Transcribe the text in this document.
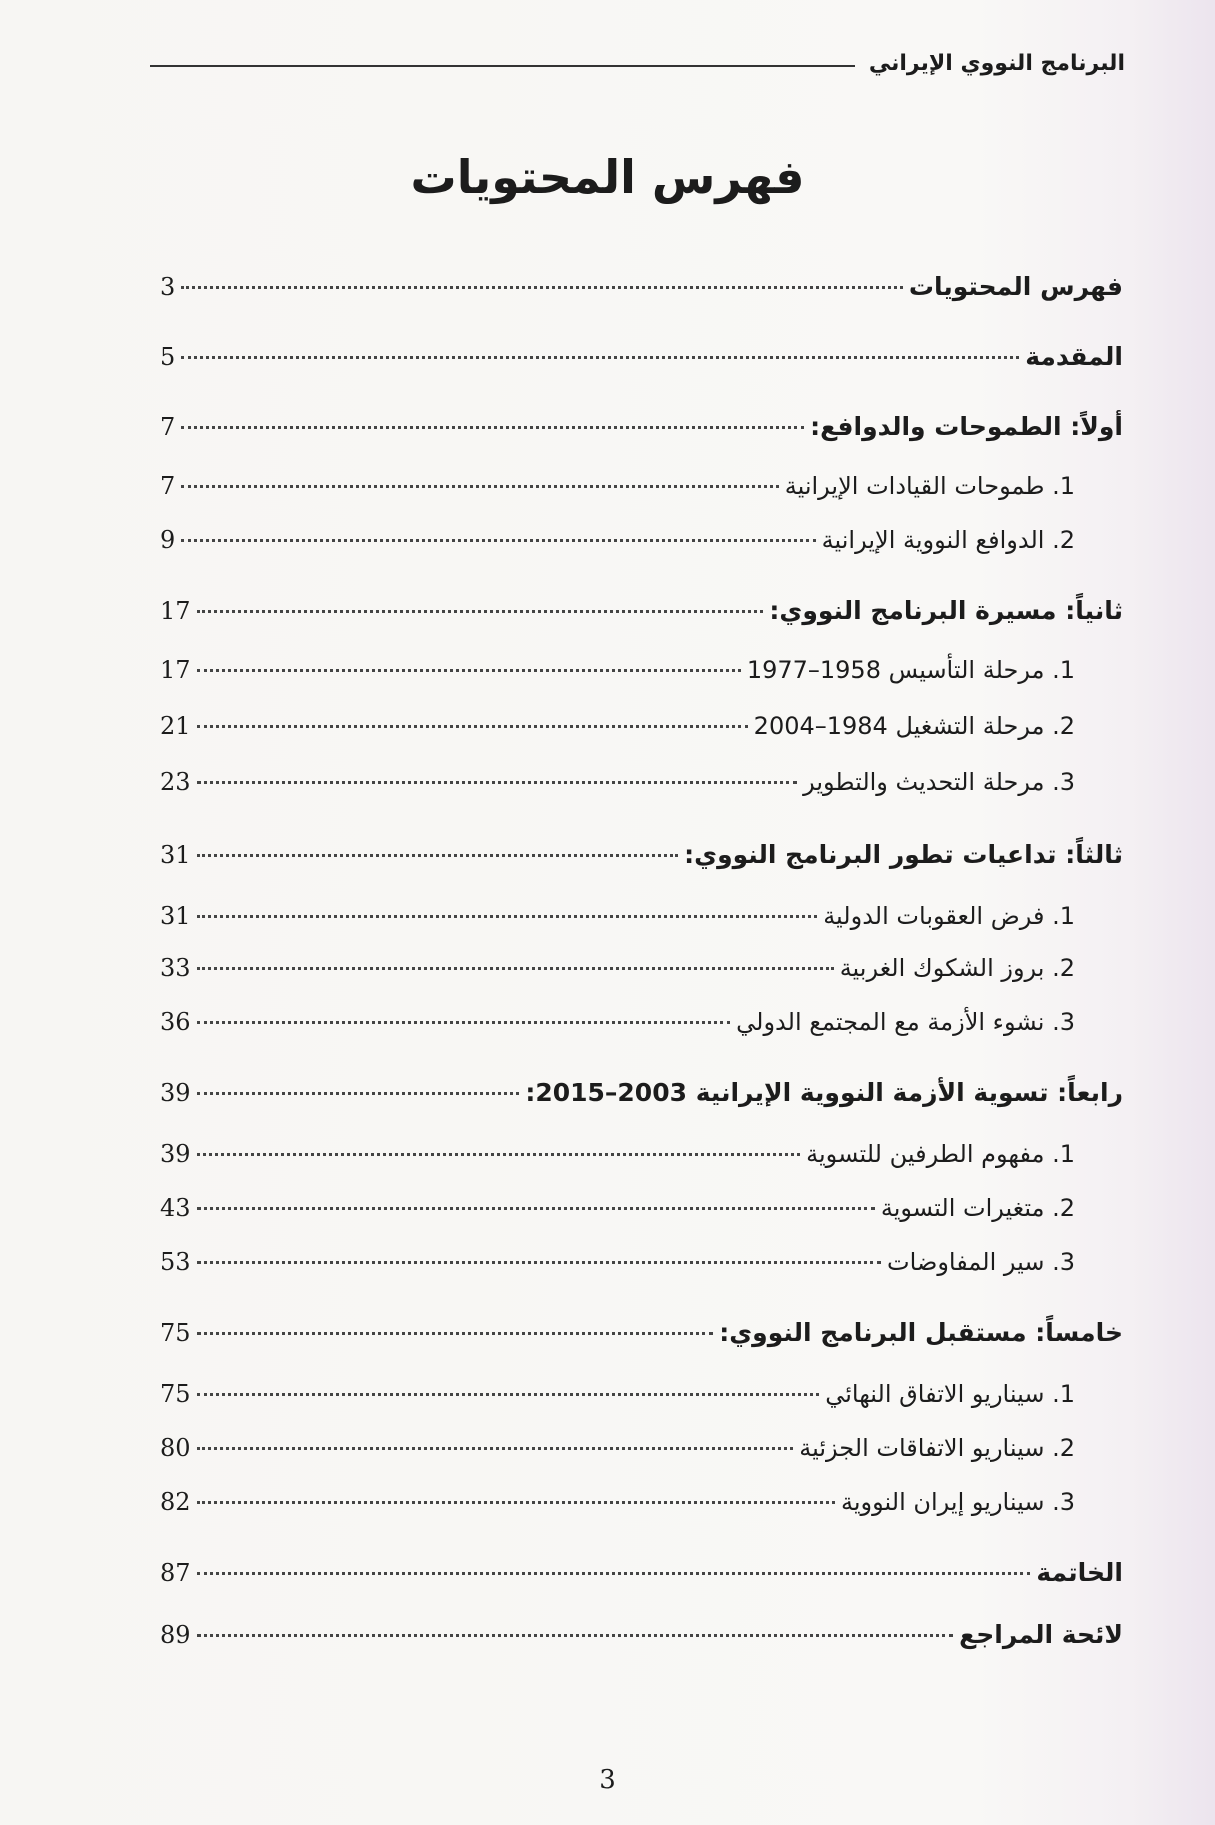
البرنامج النووي الإيراني
فهرس المحتويات
فهرس المحتويات
3
المقدمة
5
أولاً: الطموحات والدوافع:
7
1. طموحات القيادات الإيرانية
7
2. الدوافع النووية الإيرانية
9
ثانياً: مسيرة البرنامج النووي:
17
1. مرحلة التأسيس 1958–1977
17
2. مرحلة التشغيل 1984–2004
21
3. مرحلة التحديث والتطوير
23
ثالثاً: تداعيات تطور البرنامج النووي:
31
1. فرض العقوبات الدولية
31
2. بروز الشكوك الغربية
33
3. نشوء الأزمة مع المجتمع الدولي
36
رابعاً: تسوية الأزمة النووية الإيرانية 2003–2015:
39
1. مفهوم الطرفين للتسوية
39
2. متغيرات التسوية
43
3. سير المفاوضات
53
خامساً: مستقبل البرنامج النووي:
75
1. سيناريو الاتفاق النهائي
75
2. سيناريو الاتفاقات الجزئية
80
3. سيناريو إيران النووية
82
الخاتمة
87
لائحة المراجع
89
3
